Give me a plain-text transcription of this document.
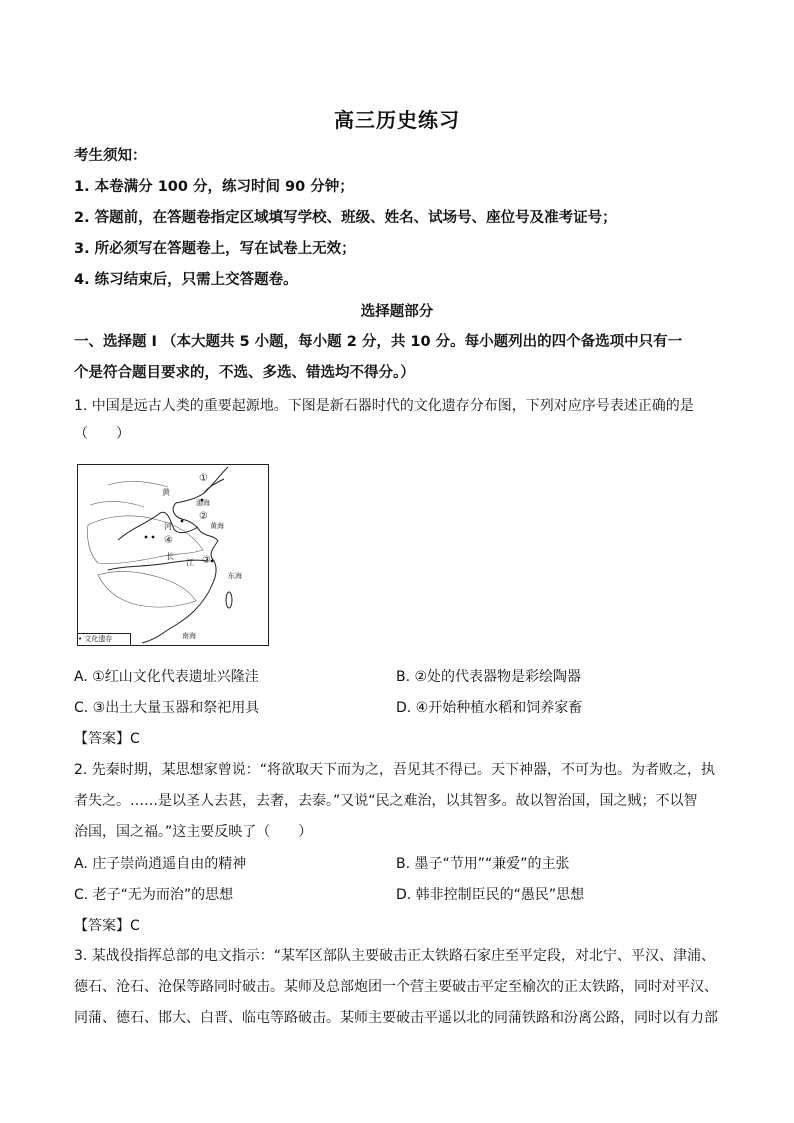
高三历史练习
考生须知：
1. 本卷满分 100 分，练习时间 90 分钟；
2. 答题前，在答题卷指定区域填写学校、班级、姓名、试场号、座位号及准考证号；
3. 所必须写在答题卷上，写在试卷上无效；
4. 练习结束后，只需上交答题卷。
选择题部分
一、选择题 I （本大题共 5 小题，每小题 2 分，共 10 分。每小题列出的四个备选项中只有一
个是符合题目要求的，不选、多选、错选均不得分。）
1. 中国是远古人类的重要起源地。下图是新石器时代的文化遗存分布图，下列对应序号表述正确的是
（　　）
①
黄
渤海
②
河	黄海
④
长
江 ③
东海
南海
• 文化遗存
A. ①红山文化代表遗址兴隆洼	B. ②处的代表器物是彩绘陶器
C. ③出土大量玉器和祭祀用具	D. ④开始种植水稻和饲养家畜
【答案】C
2. 先秦时期，某思想家曾说：“将欲取天下而为之，吾见其不得已。天下神器，不可为也。为者败之，执
者失之。……是以圣人去甚，去奢，去泰。”又说“民之难治，以其智多。故以智治国，国之贼；不以智
治国，国之福。”这主要反映了（　　）
A. 庄子崇尚逍遥自由的精神	B. 墨子“节用”“兼爱”的主张
C. 老子“无为而治”的思想	D. 韩非控制臣民的“愚民”思想
【答案】C
3. 某战役指挥总部的电文指示：“某军区部队主要破击正太铁路石家庄至平定段，对北宁、平汉、津浦、
德石、沧石、沧保等路同时破击。某师及总部炮团一个营主要破击平定至榆次的正太铁路，同时对平汉、
同蒲、德石、邯大、白晋、临屯等路破击。某师主要破击平遥以北的同蒲铁路和汾离公路，同时以有力部
